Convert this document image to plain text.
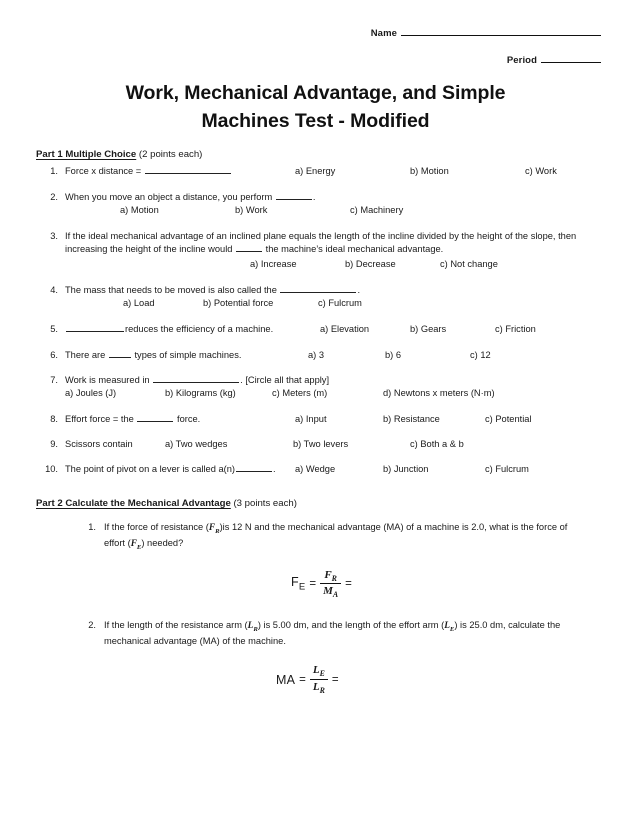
Name
Period
Work, Mechanical Advantage, and Simple
Machines Test - Modified
Part 1 Multiple Choice (2 points each)
1. Force x distance =	a) Energy	b) Motion	c) Work
2. When you move an object a distance, you perform	.
a) Motion	b) Work	c) Machinery
3. If the ideal mechanical advantage of an inclined plane equals the length of the incline divided by the height of the slope, then increasing the height of the incline would	the machine’s ideal mechanical advantage.
a) Increase	b) Decrease	c) Not change
4. The mass that needs to be moved is also called the	.
a) Load	b) Potential force	c) Fulcrum
5.	reduces the efficiency of a machine.	a) Elevation	b) Gears	c) Friction
6. There are	types of simple machines.	a) 3	b) 6	c) 12
7. Work is measured in	. [Circle all that apply]
a) Joules (J)	b) Kilograms (kg)	c) Meters (m)	d) Newtons x meters (N·m)
8. Effort force = the	force.	a) Input	b) Resistance	c) Potential
9. Scissors contain	a) Two wedges	b) Two levers	c) Both a & b
10. The point of pivot on a lever is called a(n)	. a) Wedge	b) Junction	c) Fulcrum
Part 2 Calculate the Mechanical Advantage (3 points each)
1. If the force of resistance $(F_R)is$ 12 N and the mechanical advantage (MA) of a machine is 2.0, what is the force of effort $(F_E)$ needed?
$F_E = \frac{F_R}{M_A}$ =
2. If the length of the resistance arm $(L_R)$ is 5.00 dm, and the length of the effort arm $(L_E)$ is 25.0 dm, calculate the mechanical advantage (MA) of the machine.
MA = $\frac{L_E}{L_R}$ =
